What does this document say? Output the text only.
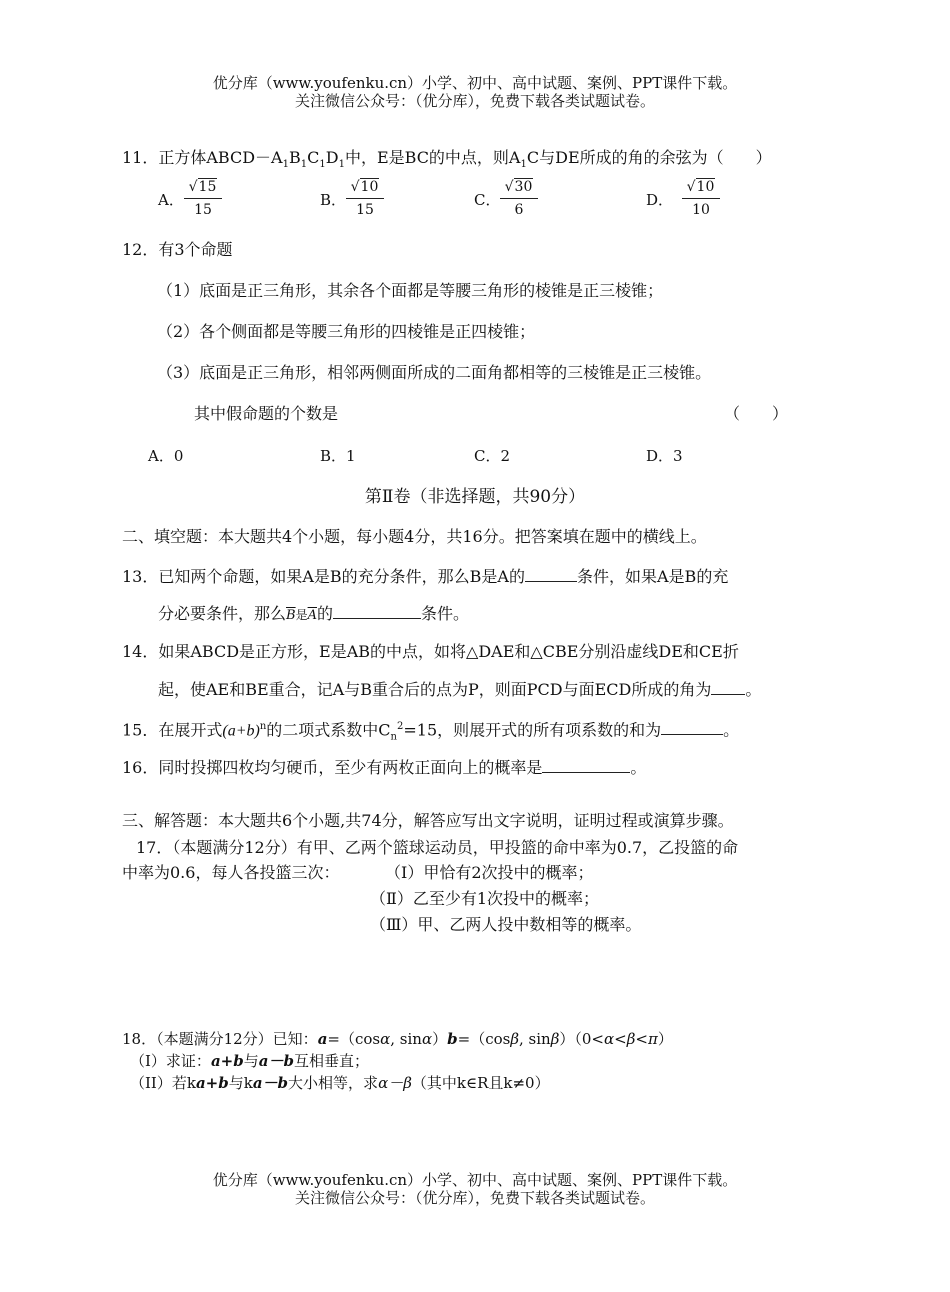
优分库（www.youfenku.cn）小学、初中、高中试题、案例、PPT课件下载。
关注微信公众号：（优分库），免费下载各类试题试卷。
11．正方体$ABCD-A_1B_1C_1D_1$中，E是BC的中点，则$A_1C$与DE所成的角的余弦为（　　）
A．
√15
15
B．
√10
15
C．
√30
6
D．
√10
10
12．有3个命题
（1）底面是正三角形，其余各个面都是等腰三角形的棱锥是正三棱锥；
（2）各个侧面都是等腰三角形的四棱锥是正四棱锥；
（3）底面是正三角形，相邻两侧面所成的二面角都相等的三棱锥是正三棱锥。
其中假命题的个数是	（　　）
A．0	B．1	C．2	D．3
第Ⅱ卷（非选择题，共90分）
二、填空题：本大题共4个小题，每小题4分，共16分。把答案填在题中的横线上。
13．已知两个命题，如果A是B的充分条件，那么B是A的	条件，如果A是B的充
分必要条件，那么$\overline{B}$是$\overline{A}$的	条件。
14．如果ABCD是正方形，E是AB的中点，如将△DAE和△CBE分别沿虚线DE和CE折
起，使AE和BE重合，记A与B重合后的点为P，则面PCD与面ECD所成的角为 。
15．在展开式$(a+b)^n$的二项式系数中$C_n^2=15$，则展开式的所有项系数的和为	。
16．同时投掷四枚均匀硬币，至少有两枚正面向上的概率是	。
三、解答题：本大题共6个小题,共74分，解答应写出文字说明，证明过程或演算步骤。
17．（本题满分12分）有甲、乙两个篮球运动员，甲投篮的命中率为0.7，乙投篮的命
中率为0.6，每人各投篮三次：	（Ⅰ）甲恰有2次投中的概率；
（Ⅱ）乙至少有1次投中的概率；
（Ⅲ）甲、乙两人投中数相等的概率。
18．（本题满分12分）已知：a=（cosα, sinα）b=（cosβ, sinβ）（0<α<β<π）
（I）求证：a+b与a－b互相垂直；
（II）若ka+b与ka－b大小相等，求α－β（其中k∈R且k≠0）
优分库（www.youfenku.cn）小学、初中、高中试题、案例、PPT课件下载。
关注微信公众号：（优分库），免费下载各类试题试卷。
